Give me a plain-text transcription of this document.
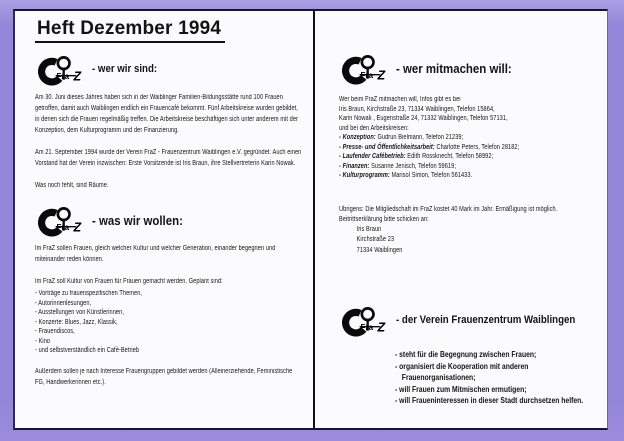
Heft Dezember 1994
Fra Z
- wer wir sind:

Am 30. Juni dieses Jahres haben sich in der Waiblinger Familien-Bildungsstätte rund 100 Frauen getroffen, damit auch Waiblingen endlich ein Frauencafé bekommt. Fünf Arbeitskreise wurden gebildet, in denen sich die Frauen regelmäßig treffen. Die Arbeitskreise beschäftigen sich unter anderem mit der Konzeption, dem Kulturprogramm und der Finanzierung.

Am 21. September 1994 wurde der Verein FraZ - Frauenzentrum Waiblingen e.V. gegründet. Auch einen Vorstand hat der Verein inzwischen: Erste Vorsitzende ist Iris Braun, ihre Stellvertreterin Karin Nowak.

Was noch fehlt, sind Räume.

Fra Z
- was wir wollen:

Im FraZ sollen Frauen, gleich welcher Kultur und welcher Generation, einander begegnen und miteinander reden können.

Im FraZ soll Kultur von Frauen für Frauen gemacht werden. Geplant sind:

- Vorträge zu frauenspezifischen Themen,
- Autorinnenlesungen,
- Ausstellungen von Künstlerinnen,
- Konzerte: Blues, Jazz, Klassik,
- Frauendiscos,
- Kino
- und selbstverständlich ein Café-Betrieb

Außerdem sollen je nach Interesse Frauengruppen gebildet werden (Alleinerziehende, Feministische FG, Handwerkerinnen etc.).

Fra Z
- wer mitmachen will:
Wer beim FraZ mitmachen will, Infos gibt es bei
Iris Braun, Kirchstraße 23, 71334 Waiblingen, Telefon 15864,
Karin Nowak , Eugenstraße 24, 71332 Waiblingen, Telefon 57131,
und bei den Arbeitskreisen:
- Konzeption: Gudrun Bielmann, Telefon 21239;
- Presse- und Öffentlichkeitsarbeit: Charlotte Peters, Telefon 28182;
- Laufender Cafébetrieb: Edith Rossknecht, Telefon 58992;
- Finanzen: Susanne Jenisch, Telefon 59619;
- Kulturprogramm: Marisol Simon, Telefon 561433.
Übrigens: Die Mitgliedschaft im FraZ kostet 40 Mark im Jahr. Ermäßigung ist möglich.
Beitrittserklärung bitte schicken an:
Iris Braun
Kirchstraße 23
71334 Waiblingen
Fra Z
- der Verein Frauenzentrum Waiblingen
- steht für die Begegnung zwischen Frauen;
- organisiert die Kooperation mit anderen Frauenorganisationen;
- will Frauen zum Mitmischen ermutigen;
- will Fraueninteressen in dieser Stadt durchsetzen helfen.
